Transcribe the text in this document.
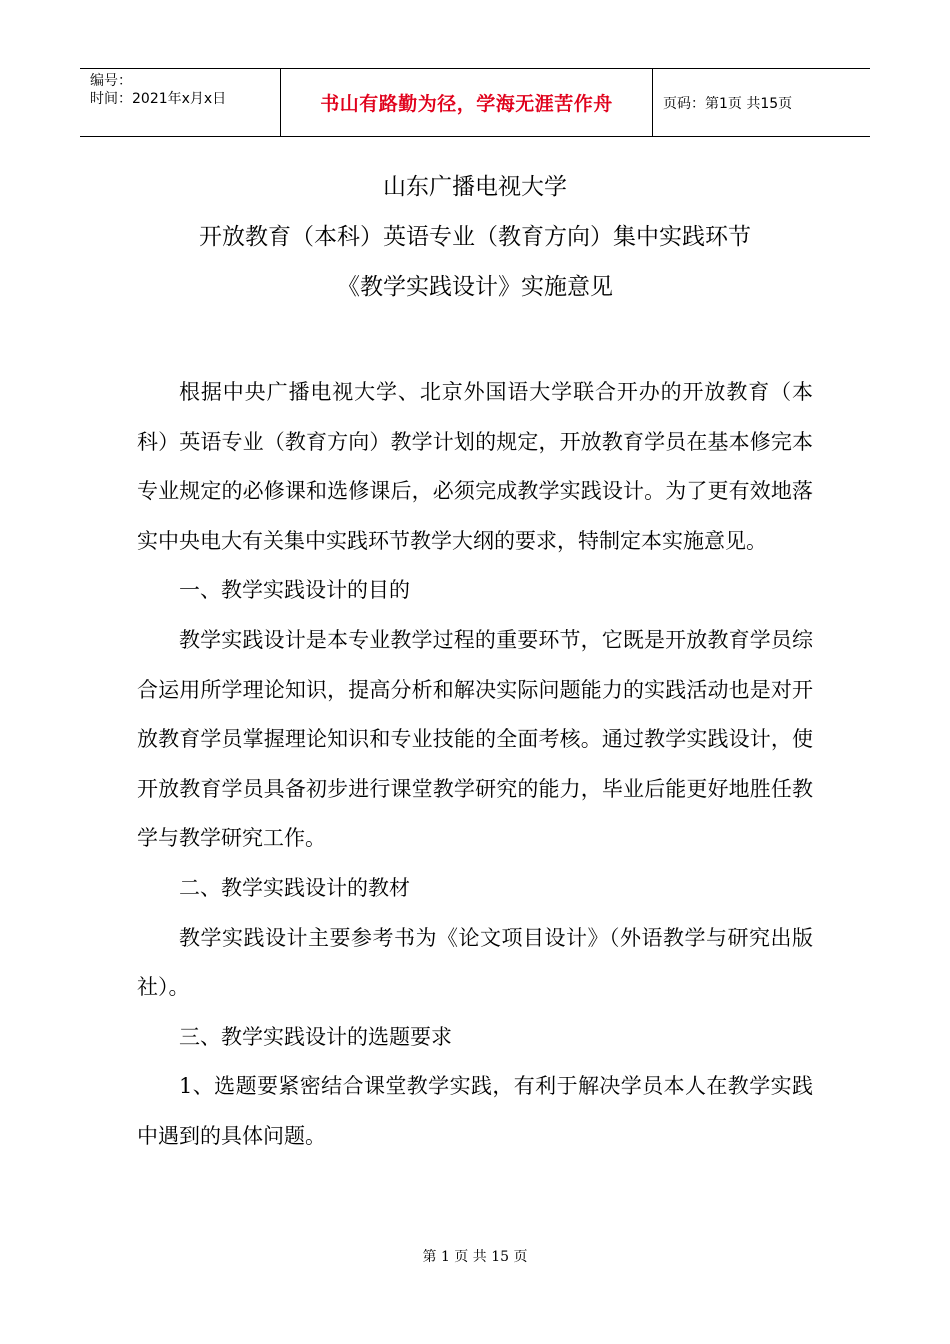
编号：
时间：2021年x月x日	书山有路勤为径，学海无涯苦作舟	页码：第1页 共15页
山东广播电视大学
开放教育（本科）英语专业（教育方向）集中实践环节
《教学实践设计》实施意见

根据中央广播电视大学、北京外国语大学联合开办的开放教育（本科）英语专业（教育方向）教学计划的规定，开放教育学员在基本修完本专业规定的必修课和选修课后，必须完成教学实践设计。为了更有效地落实中央电大有关集中实践环节教学大纲的要求，特制定本实施意见。

一、教学实践设计的目的

教学实践设计是本专业教学过程的重要环节，它既是开放教育学员综合运用所学理论知识，提高分析和解决实际问题能力的实践活动也是对开放教育学员掌握理论知识和专业技能的全面考核。通过教学实践设计，使开放教育学员具备初步进行课堂教学研究的能力，毕业后能更好地胜任教学与教学研究工作。

二、教学实践设计的教材

教学实践设计主要参考书为《论文项目设计》（外语教学与研究出版社）。

三、教学实践设计的选题要求

1、选题要紧密结合课堂教学实践，有利于解决学员本人在教学实践中遇到的具体问题。

第 1 页 共 15 页
